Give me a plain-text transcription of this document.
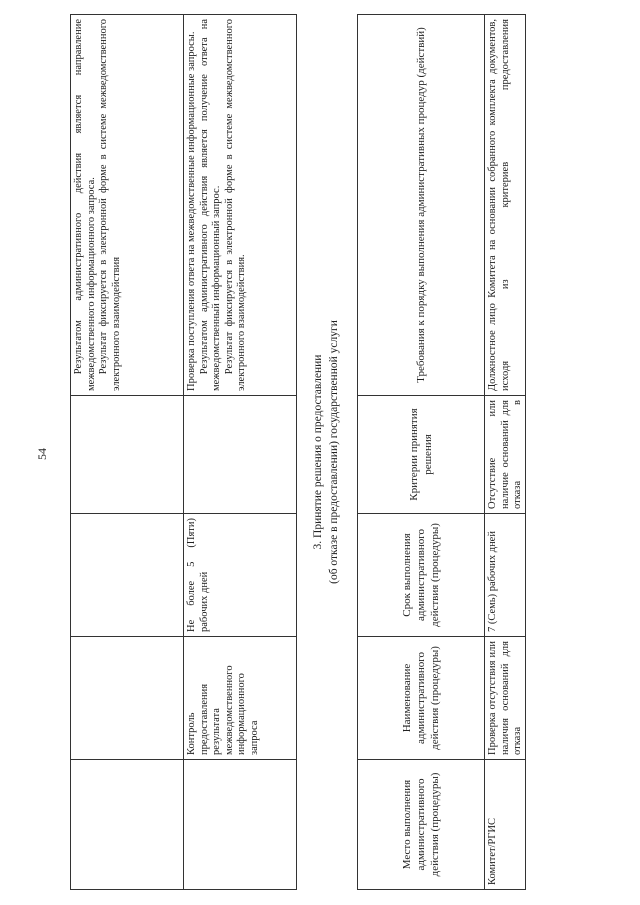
54

				Результатом административного действия является направление межведомственного информационного запроса. Результат фиксируется в электронной форме в системе межведомственного электронного взаимодействия

	Контроль предоставления результата межведомственного информационного запроса	Не более 5 (Пяти) рабочих дней		Проверка поступления ответа на межведомственные информационные запросы. Результатом административного действия является получение ответа на межведомственный информационный запрос. Результат фиксируется в электронной форме в системе межведомственного электронного взаимодействия.

3. Принятие решения о предоставлении (об отказе в предоставлении) государственной услуги				

Место выполнения административного действия (процедуры)	Наименование административного действия (процедуры)	Срок выполнения административного действия (процедуры)	Критерии принятия решения	Требования к порядку выполнения административных процедур (действий)

Комитет/РГИС	Проверка отсутствия или наличия оснований для отказа	7 (Семь) рабочих дней	Отсутствие или наличие оснований для отказа в	Должностное лицо Комитета на основании собранного комплекта документов, исходя из критериев предоставления
